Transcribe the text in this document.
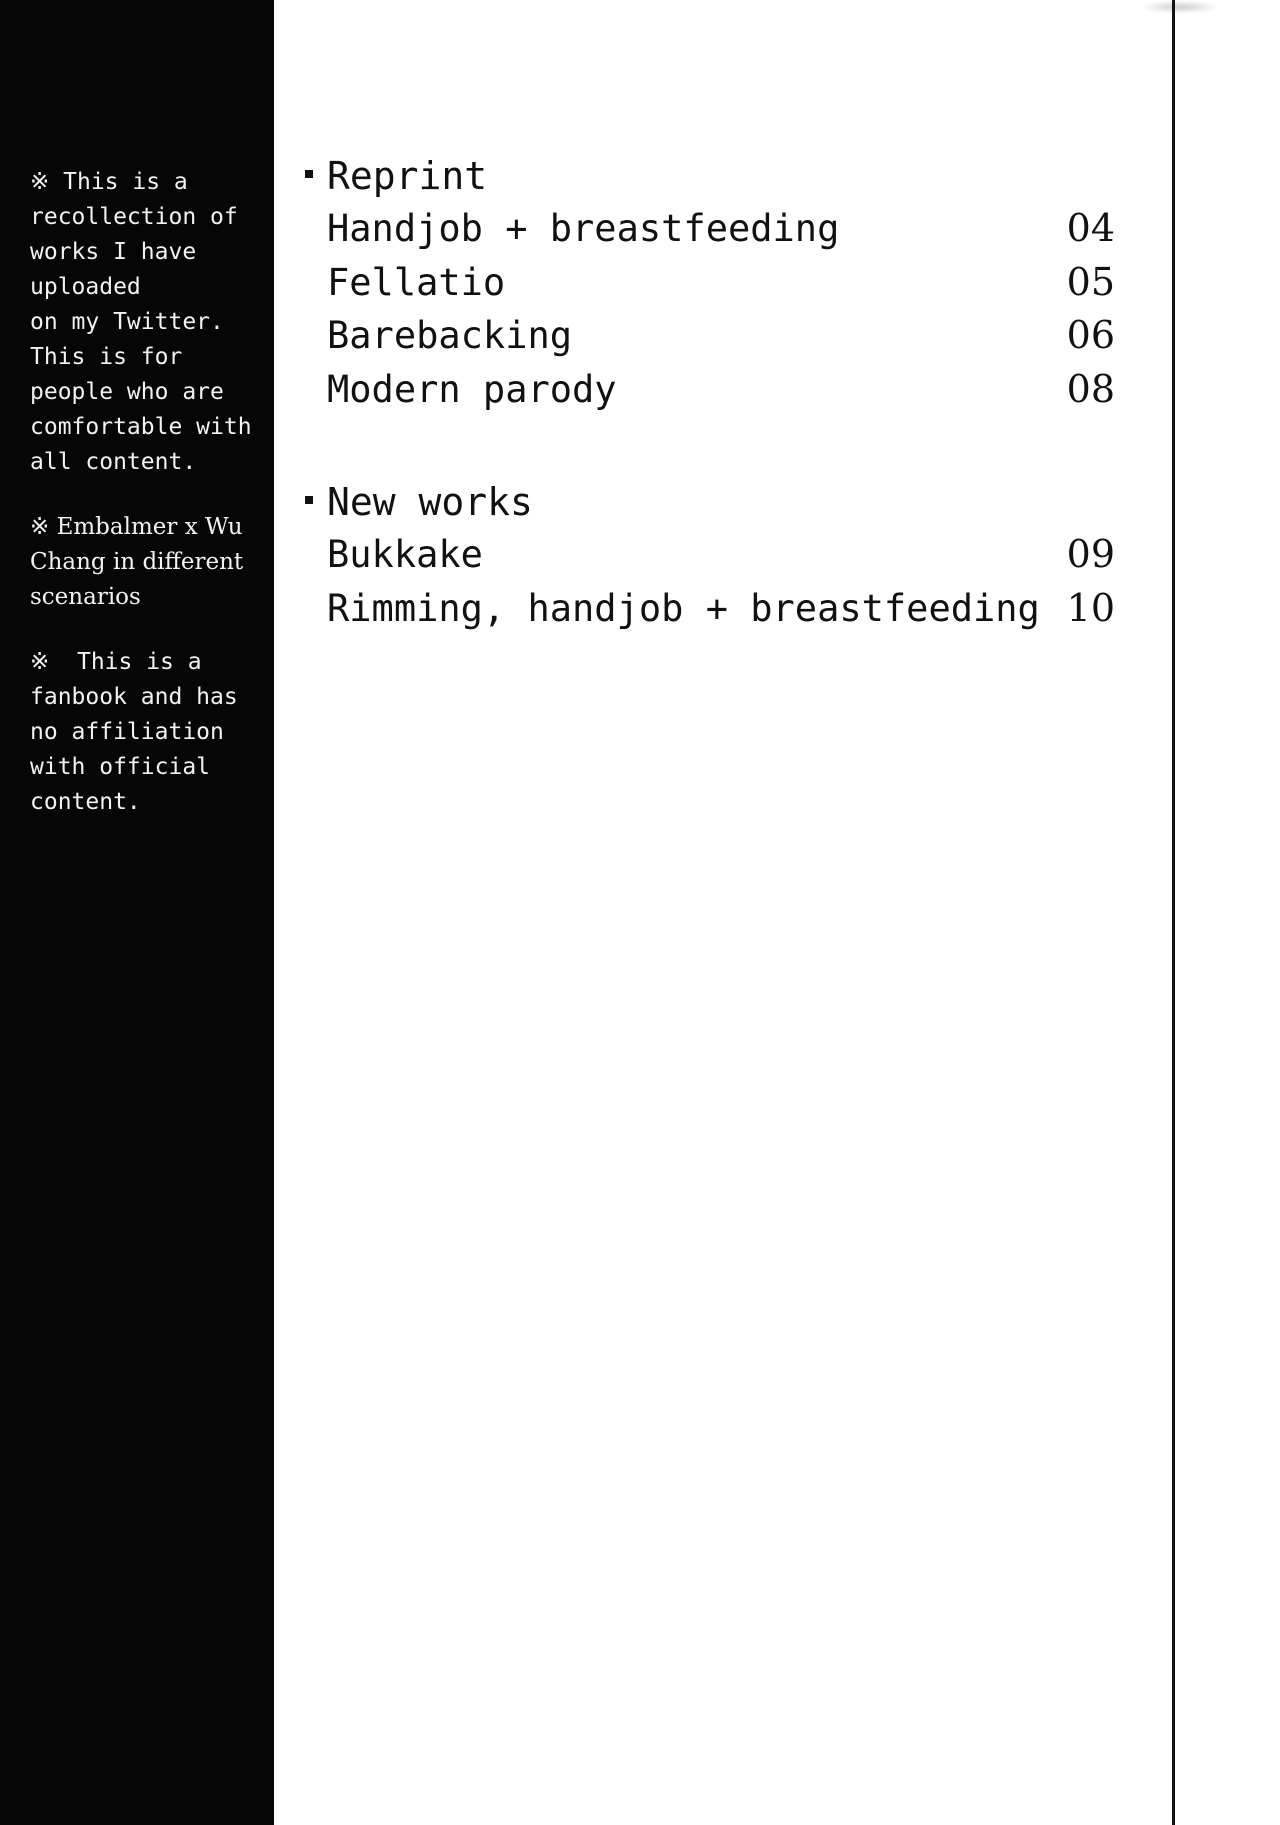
※ This is a
recollection of
works I have
uploaded
on my Twitter.
This is for
people who are
comfortable with
all content.
※ Embalmer x Wu
Chang in different
scenarios
※  This is a
fanbook and has
no affiliation
with official
content.
Reprint
Handjob + breastfeeding	04
Fellatio	05
Barebacking	06
Modern parody	08
New works
Bukkake	09
Rimming, handjob + breastfeeding 10
